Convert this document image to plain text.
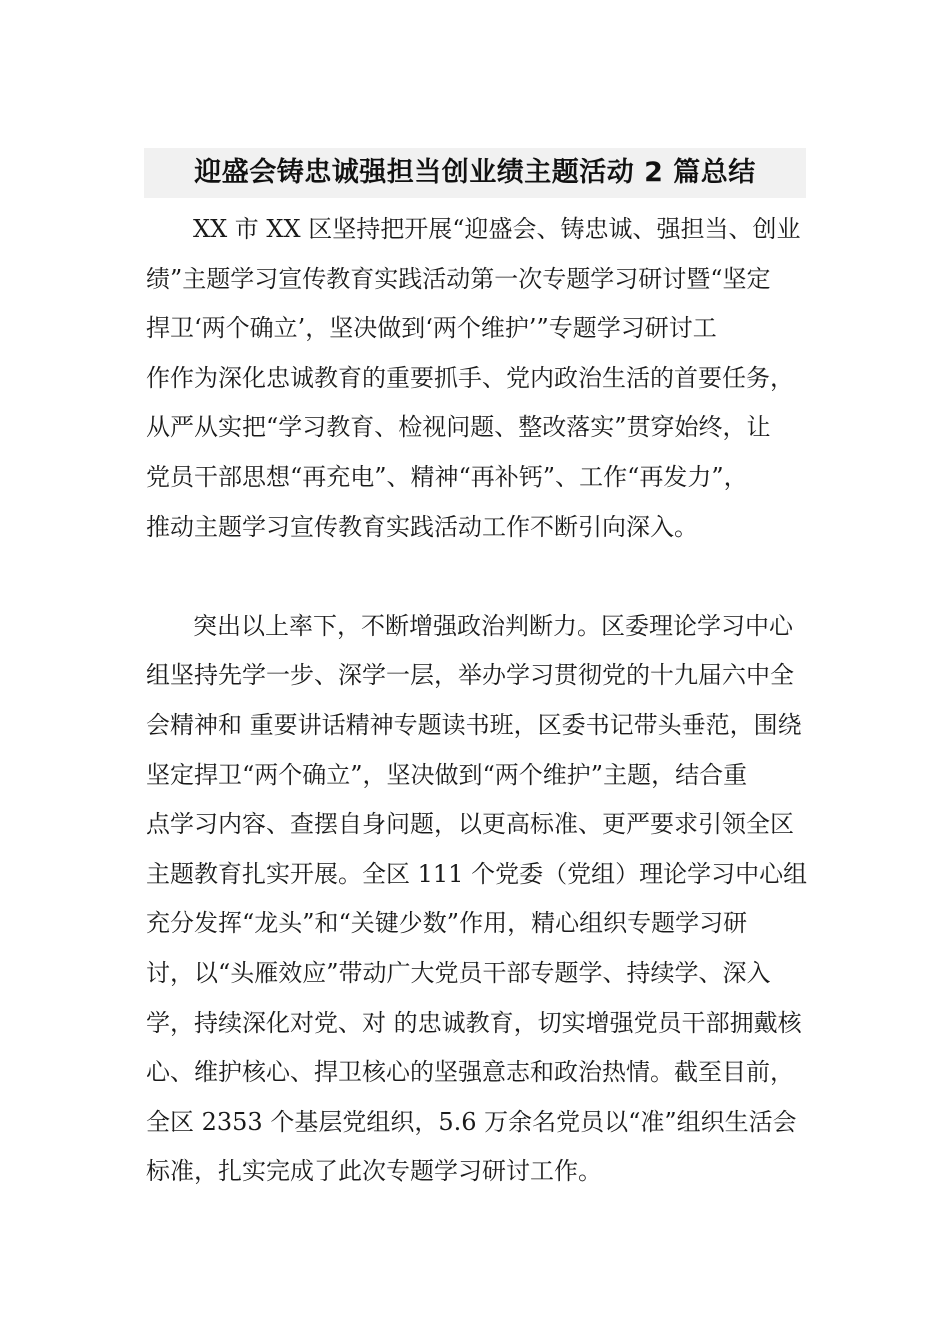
迎盛会铸忠诚强担当创业绩主题活动 2 篇总结
XX 市 XX 区坚持把开展“迎盛会、铸忠诚、强担当、创业
绩”主题学习宣传教育实践活动第一次专题学习研讨暨“坚定
捍卫‘两个确立’，坚决做到‘两个维护’”专题学习研讨工
作作为深化忠诚教育的重要抓手、党内政治生活的首要任务，
从严从实把“学习教育、检视问题、整改落实”贯穿始终，让
党员干部思想“再充电”、精神“再补钙”、工作“再发力”，
推动主题学习宣传教育实践活动工作不断引向深入。
突出以上率下，不断增强政治判断力。区委理论学习中心
组坚持先学一步、深学一层，举办学习贯彻党的十九届六中全
会精神和 重要讲话精神专题读书班，区委书记带头垂范，围绕
坚定捍卫“两个确立”，坚决做到“两个维护”主题，结合重
点学习内容、查摆自身问题，以更高标准、更严要求引领全区
主题教育扎实开展。全区 111 个党委（党组）理论学习中心组
充分发挥“龙头”和“关键少数”作用，精心组织专题学习研
讨，以“头雁效应”带动广大党员干部专题学、持续学、深入
学，持续深化对党、对 的忠诚教育，切实增强党员干部拥戴核
心、维护核心、捍卫核心的坚强意志和政治热情。截至目前，
全区 2353 个基层党组织，5.6 万余名党员以“准”组织生活会
标准，扎实完成了此次专题学习研讨工作。
